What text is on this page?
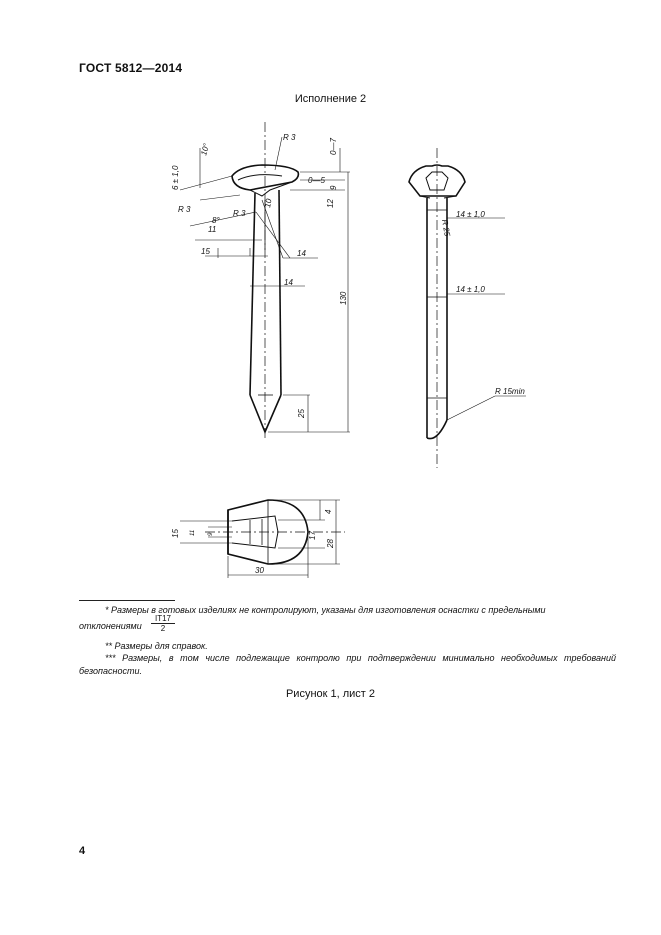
ГОСТ 5812—2014
Исполнение 2
R 3
R 3	R 3
10°
6 ± 1,0
0—7
0—5
9
10	12
11
15	14
14
8°
130
25
14 ± 1,0
14 ± 1,0
R 25
R 15min
15 11 9	17
4
28
30
* Размеры в готовых изделиях не контролируют, указаны для изготовления оснастки с предельными
отклонениями $\frac{IT17}{2}$
** Размеры для справок.
*** Размеры, в том числе подлежащие контролю при подтверждении минимально необходимых требований безопасности.
Рисунок 1, лист 2
4
